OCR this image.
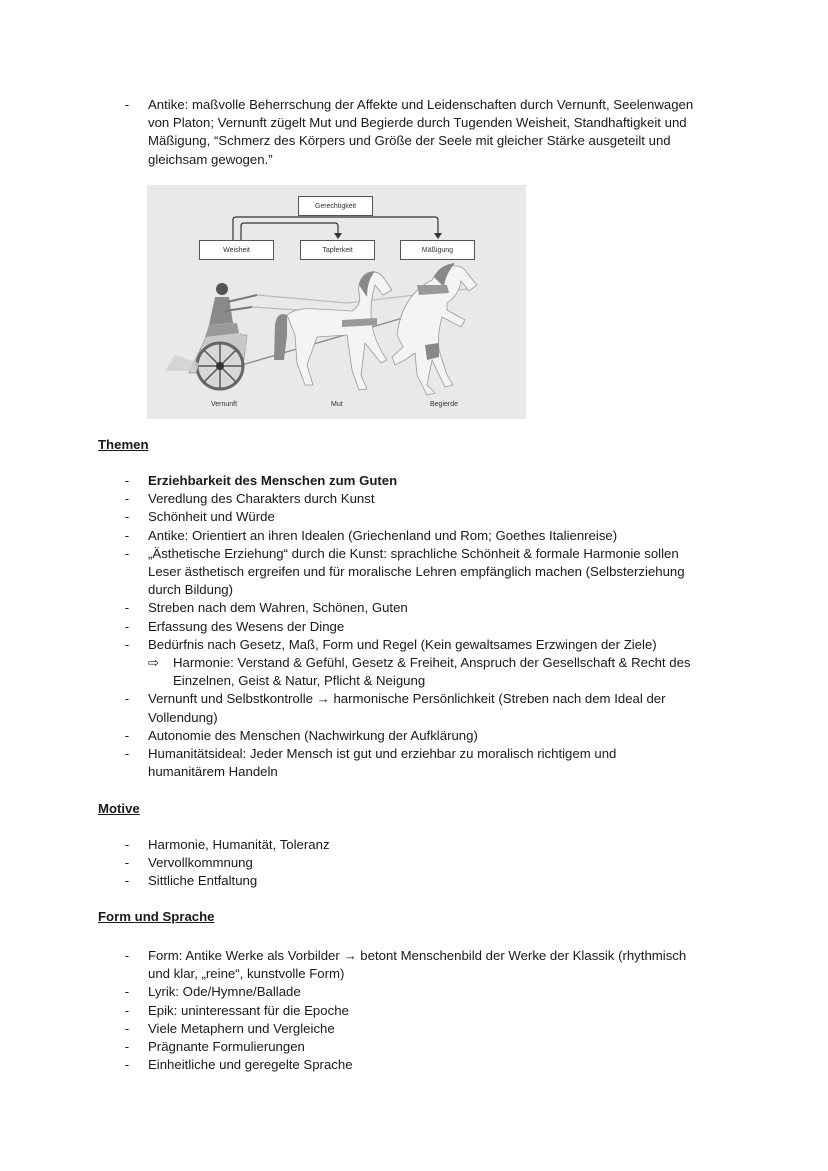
- Antike: maßvolle Beherrschung der Affekte und Leidenschaften durch Vernunft, Seelenwagen
von Platon; Vernunft zügelt Mut und Begierde durch Tugenden Weisheit, Standhaftigkeit und
Mäßigung, “Schmerz des Körpers und Größe der Seele mit gleicher Stärke ausgeteilt und
gleichsam gewogen.”
Gerechtigkeit
Weisheit	Tapferkeit	Mäßigung
Vernunft	Mut	Begierde
Themen
- Erziehbarkeit des Menschen zum Guten
- Veredlung des Charakters durch Kunst
- Schönheit und Würde
- Antike: Orientiert an ihren Idealen (Griechenland und Rom; Goethes Italienreise)
- „Ästhetische Erziehung“ durch die Kunst: sprachliche Schönheit & formale Harmonie sollen
Leser ästhetisch ergreifen und für moralische Lehren empfänglich machen (Selbsterziehung
durch Bildung)
- Streben nach dem Wahren, Schönen, Guten
- Erfassung des Wesens der Dinge
- Bedürfnis nach Gesetz, Maß, Form und Regel (Kein gewaltsames Erzwingen der Ziele)
⇨ Harmonie: Verstand & Gefühl, Gesetz & Freiheit, Anspruch der Gesellschaft & Recht des
Einzelnen, Geist & Natur, Pflicht & Neigung
- Vernunft und Selbstkontrolle → harmonische Persönlichkeit (Streben nach dem Ideal der
Vollendung)
- Autonomie des Menschen (Nachwirkung der Aufklärung)
- Humanitätsideal: Jeder Mensch ist gut und erziehbar zu moralisch richtigem und
humanitärem Handeln
Motive
- Harmonie, Humanität, Toleranz
- Vervollkommnung
- Sittliche Entfaltung
Form und Sprache
- Form: Antike Werke als Vorbilder → betont Menschenbild der Werke der Klassik (rhythmisch
und klar, „reine“, kunstvolle Form)
- Lyrik: Ode/Hymne/Ballade
- Epik: uninteressant für die Epoche
- Viele Metaphern und Vergleiche
- Prägnante Formulierungen
- Einheitliche und geregelte Sprache
